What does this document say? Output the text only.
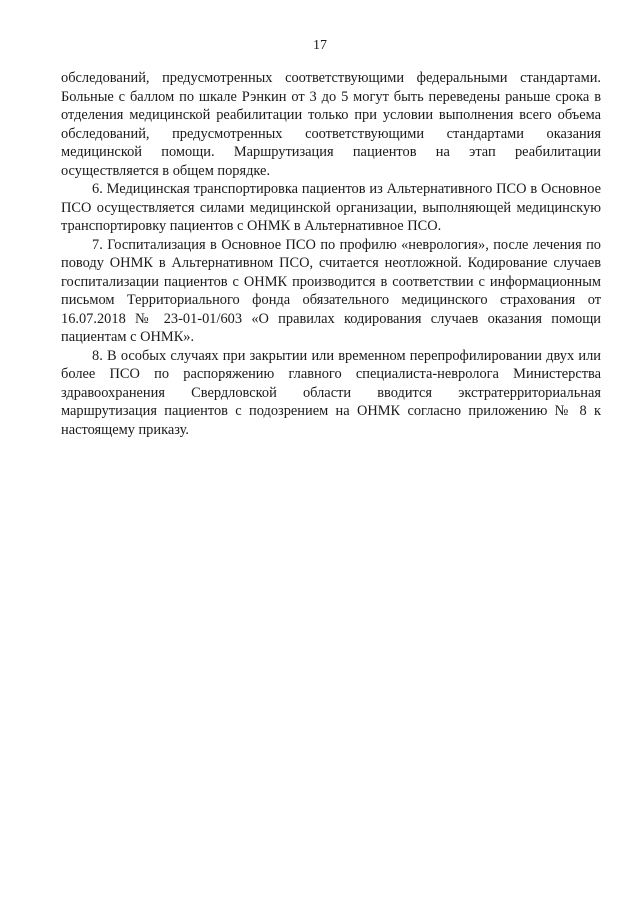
17

обследований, предусмотренных соответствующими федеральными стандартами. Больные с баллом по шкале Рэнкин от 3 до 5 могут быть переведены раньше срока в отделения медицинской реабилитации только при условии выполнения всего объема обследований, предусмотренных соответствующими стандартами оказания медицинской помощи. Маршрутизация пациентов на этап реабилитации осуществляется в общем порядке.

6. Медицинская транспортировка пациентов из Альтернативного ПСО в Основное ПСО осуществляется силами медицинской организации, выполняющей медицинскую транспортировку пациентов с ОНМК в Альтернативное ПСО.

7. Госпитализация в Основное ПСО по профилю «неврология», после лечения по поводу ОНМК в Альтернативном ПСО, считается неотложной. Кодирование случаев госпитализации пациентов с ОНМК производится в соответствии с информационным письмом Территориального фонда обязательного медицинского страхования от 16.07.2018 № 23-01-01/603 «О правилах кодирования случаев оказания помощи пациентам с ОНМК».

8. В особых случаях при закрытии или временном перепрофилировании двух или более ПСО по распоряжению главного специалиста-невролога Министерства здравоохранения Свердловской области вводится экстратерриториальная маршрутизация пациентов с подозрением на ОНМК согласно приложению № 8 к настоящему приказу.
